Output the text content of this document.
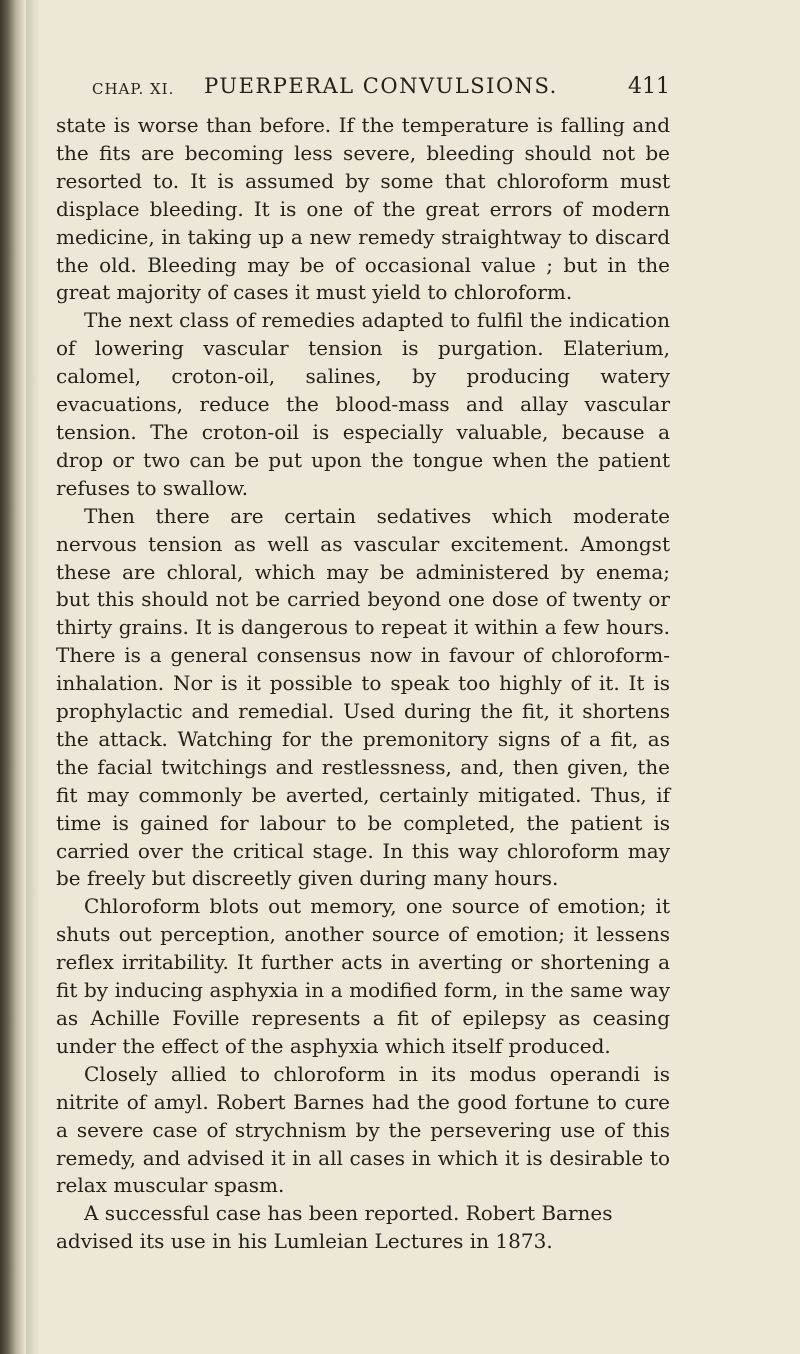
CHAP. XI.	PUERPERAL CONVULSIONS.	411

state is worse than before. If the temperature is falling and the fits are becoming less severe, bleeding should not be resorted to. It is assumed by some that chloroform must displace bleeding. It is one of the great errors of modern medicine, in taking up a new remedy straightway to discard the old. Bleeding may be of occasional value ; but in the great majority of cases it must yield to chloroform.

The next class of remedies adapted to fulfil the indication of lowering vascular tension is purgation. Elaterium, calomel, croton-oil, salines, by producing watery evacuations, reduce the blood-mass and allay vascular tension. The croton-oil is especially valuable, because a drop or two can be put upon the tongue when the patient refuses to swallow.

Then there are certain sedatives which moderate nervous tension as well as vascular excitement. Amongst these are chloral, which may be administered by enema; but this should not be carried beyond one dose of twenty or thirty grains. It is dangerous to repeat it within a few hours. There is a general consensus now in favour of chloroform-inhalation. Nor is it possible to speak too highly of it. It is prophylactic and remedial. Used during the fit, it shortens the attack. Watching for the premonitory signs of a fit, as the facial twitchings and restlessness, and, then given, the fit may commonly be averted, certainly mitigated. Thus, if time is gained for labour to be completed, the patient is carried over the critical stage. In this way chloroform may be freely but discreetly given during many hours.

Chloroform blots out memory, one source of emotion; it shuts out perception, another source of emotion; it lessens reflex irritability. It further acts in averting or shortening a fit by inducing asphyxia in a modified form, in the same way as Achille Foville represents a fit of epilepsy as ceasing under the effect of the asphyxia which itself produced.

Closely allied to chloroform in its modus operandi is nitrite of amyl. Robert Barnes had the good fortune to cure a severe case of strychnism by the persevering use of this remedy, and advised it in all cases in which it is desirable to relax muscular spasm.

A successful case has been reported. Robert Barnes advised its use in his Lumleian Lectures in 1873.
